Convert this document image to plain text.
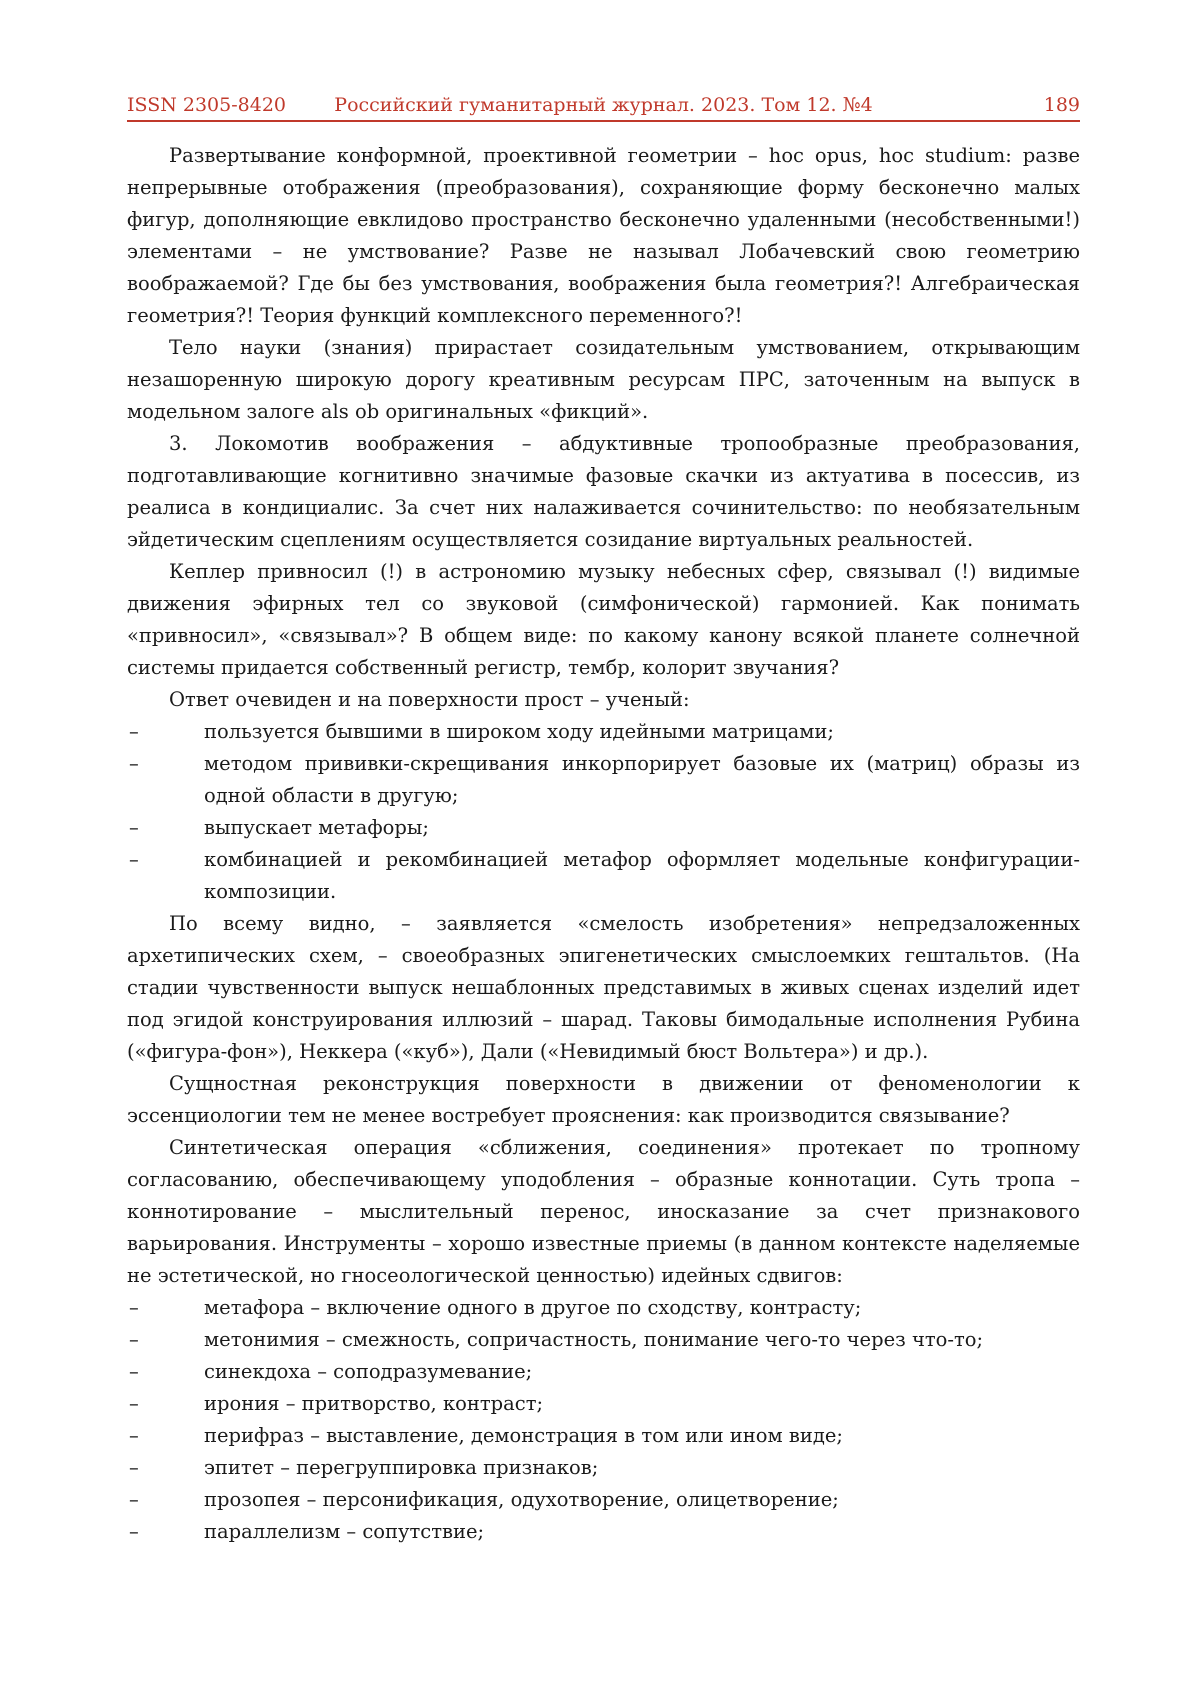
ISSN 2305-8420	Российский гуманитарный журнал. 2023. Том 12. №4	189

Развертывание конформной, проективной геометрии – hoc opus, hoc studium: разве непрерывные отображения (преобразования), сохраняющие форму бесконечно малых фигур, дополняющие евклидово пространство бесконечно удаленными (несобственными!) элементами – не умствование? Разве не называл Лобачевский свою геометрию воображаемой? Где бы без умствования, воображения была геометрия?! Алгебраическая геометрия?! Теория функций комплексного переменного?!

Тело науки (знания) прирастает созидательным умствованием, открывающим незашоренную широкую дорогу креативным ресурсам ПРС, заточенным на выпуск в модельном залоге als ob оригинальных «фикций».

3. Локомотив воображения – абдуктивные тропообразные преобразования, подготавливающие когнитивно значимые фазовые скачки из актуатива в посессив, из реалиса в кондициалис. За счет них налаживается сочинительство: по необязательным эйдетическим сцеплениям осуществляется созидание виртуальных реальностей.

Кеплер привносил (!) в астрономию музыку небесных сфер, связывал (!) видимые движения эфирных тел со звуковой (симфонической) гармонией. Как понимать «привносил», «связывал»? В общем виде: по какому канону всякой планете солнечной системы придается собственный регистр, тембр, колорит звучания?

Ответ очевиден и на поверхности прост – ученый:

– пользуется бывшими в широком ходу идейными матрицами;
– методом прививки-скрещивания инкорпорирует базовые их (матриц) образы из одной области в другую;
– выпускает метафоры;
– комбинацией и рекомбинацией метафор оформляет модельные конфигурации-композиции.

По всему видно, – заявляется «смелость изобретения» непредзаложенных архетипических схем, – своеобразных эпигенетических смыслоемких гештальтов. (На стадии чувственности выпуск нешаблонных представимых в живых сценах изделий идет под эгидой конструирования иллюзий – шарад. Таковы бимодальные исполнения Рубина («фигура-фон»), Неккера («куб»), Дали («Невидимый бюст Вольтера») и др.).

Сущностная реконструкция поверхности в движении от феноменологии к эссенциологии тем не менее востребует прояснения: как производится связывание?

Синтетическая операция «сближения, соединения» протекает по тропному согласованию, обеспечивающему уподобления – образные коннотации. Суть тропа – коннотирование – мыслительный перенос, иносказание за счет признакового варьирования. Инструменты – хорошо известные приемы (в данном контексте наделяемые не эстетической, но гносеологической ценностью) идейных сдвигов:

– метафора – включение одного в другое по сходству, контрасту;
– метонимия – смежность, сопричастность, понимание чего-то через что-то;
– синекдоха – соподразумевание;
– ирония – притворство, контраст;
– перифраз – выставление, демонстрация в том или ином виде;
– эпитет – перегруппировка признаков;
– прозопея – персонификация, одухотворение, олицетворение;
– параллелизм – сопутствие;
